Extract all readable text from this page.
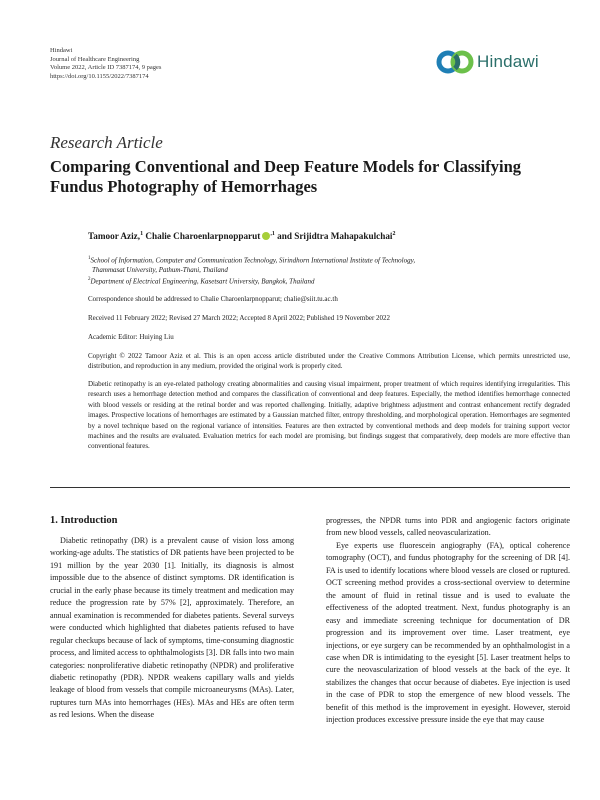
Hindawi
Journal of Healthcare Engineering
Volume 2022, Article ID 7387174, 9 pages
https://doi.org/10.1155/2022/7387174
Hindawi
Research Article
Comparing Conventional and Deep Feature Models for Classifying Fundus Photography of Hemorrhages
Tamoor Aziz,$^1$ Chalie Charoenlarpnopparut $^{,1}$ and Srijidtra Mahapakulchai$^2$
$^1$School of Information, Computer and Communication Technology, Sirindhorn International Institute of Technology,
Thammasat University, Pathum-Thani, Thailand
$^2$Department of Electrical Engineering, Kasetsart University, Bangkok, Thailand
Correspondence should be addressed to Chalie Charoenlarpnopparut; chalie@siit.tu.ac.th
Received 11 February 2022; Revised 27 March 2022; Accepted 8 April 2022; Published 19 November 2022
Academic Editor: Huiying Liu
Copyright © 2022 Tamoor Aziz et al. This is an open access article distributed under the Creative Commons Attribution License, which permits unrestricted use, distribution, and reproduction in any medium, provided the original work is properly cited.
Diabetic retinopathy is an eye-related pathology creating abnormalities and causing visual impairment, proper treatment of which requires identifying irregularities. This research uses a hemorrhage detection method and compares the classification of conventional and deep features. Especially, the method identifies hemorrhage connected with blood vessels or residing at the retinal border and was reported challenging. Initially, adaptive brightness adjustment and contrast enhancement rectify degraded images. Prospective locations of hemorrhages are estimated by a Gaussian matched filter, entropy thresholding, and morphological operation. Hemorrhages are segmented by a novel technique based on the regional variance of intensities. Features are then extracted by conventional methods and deep models for training support vector machines and the results are evaluated. Evaluation metrics for each model are promising, but findings suggest that comparatively, deep models are more effective than conventional features.
1. Introduction

Diabetic retinopathy (DR) is a prevalent cause of vision loss among working-age adults. The statistics of DR patients have been projected to be 191 million by the year 2030 [1]. Initially, its diagnosis is almost impossible due to the absence of distinct symptoms. DR identification is crucial in the early phase because its timely treatment and medication may reduce the progression rate by 57% [2], approximately. Therefore, an annual examination is recommended for diabetes patients. Several surveys were conducted which highlighted that diabetes patients refused to have regular checkups because of lack of symptoms, time-consuming diagnostic process, and limited access to ophthalmologists [3]. DR falls into two main categories: nonproliferative diabetic retinopathy (NPDR) and proliferative diabetic retinopathy (PDR). NPDR weakens capillary walls and yields leakage of blood from vessels that compile microaneurysms (MAs). Later, ruptures turn MAs into hemorrhages (HEs). MAs and HEs are often term as red lesions. When the disease

progresses, the NPDR turns into PDR and angiogenic factors originate from new blood vessels, called neovascularization.

Eye experts use fluorescein angiography (FA), optical coherence tomography (OCT), and fundus photography for the screening of DR [4]. FA is used to identify locations where blood vessels are closed or ruptured. OCT screening method provides a cross-sectional overview to determine the amount of fluid in retinal tissue and is used to evaluate the effectiveness of the adopted treatment. Next, fundus photography is an easy and immediate screening technique for documentation of DR progression and its improvement over time. Laser treatment, eye injections, or eye surgery can be recommended by an ophthalmologist in a case when DR is intimidating to the eyesight [5]. Laser treatment helps to cure the neovascularization of blood vessels at the back of the eye. It stabilizes the changes that occur because of diabetes. Eye injection is used in the case of PDR to stop the emergence of new blood vessels. The benefit of this method is the improvement in eyesight. However, steroid injection produces excessive pressure inside the eye that may cause
